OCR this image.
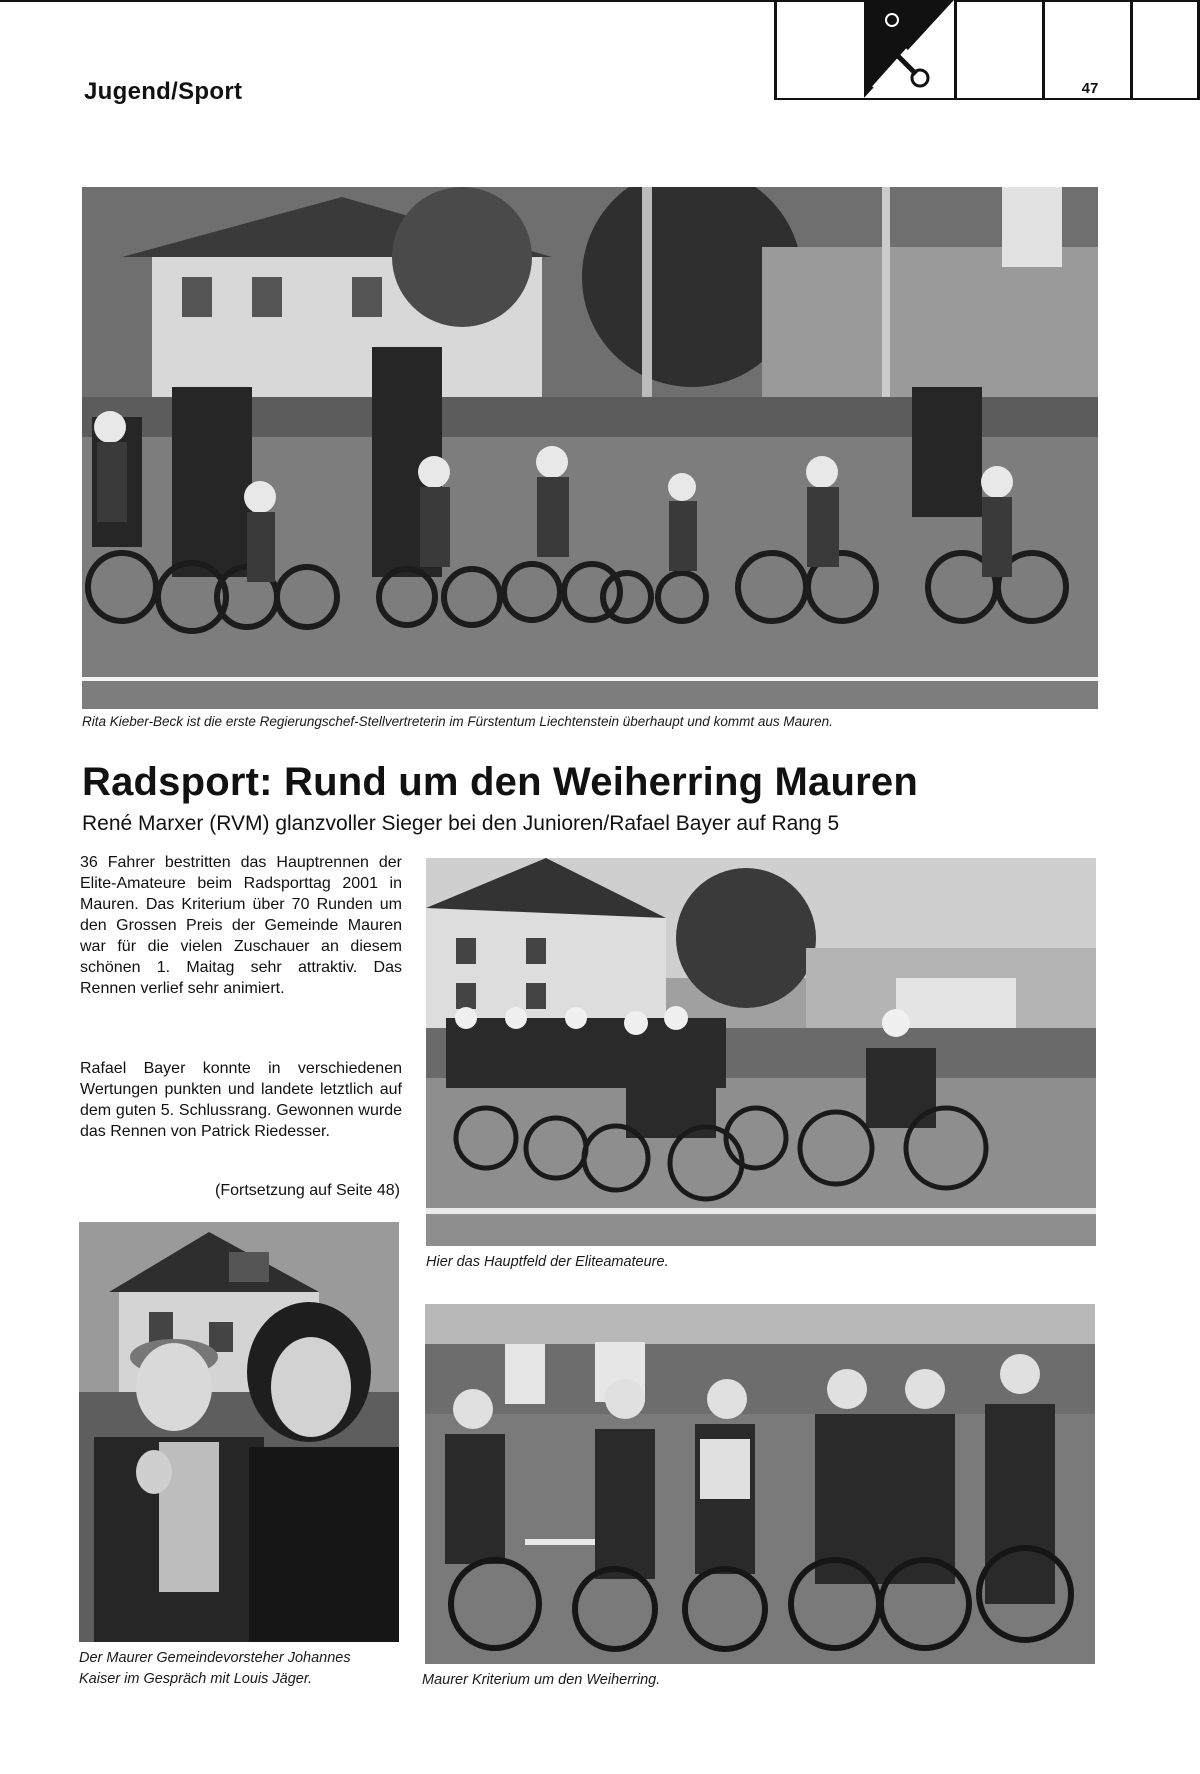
Jugend/Sport	47
Rita Kieber-Beck ist die erste Regierungschef-Stellvertreterin im Fürstentum Liechtenstein überhaupt und kommt aus Mauren.
Radsport: Rund um den Weiherring Mauren
René Marxer (RVM) glanzvoller Sieger bei den Junioren/Rafael Bayer auf Rang 5
36 Fahrer bestritten das Hauptrennen der Elite-Amateure beim Radsporttag 2001 in Mauren. Das Kriterium über 70 Runden um den Grossen Preis der Gemeinde Mauren war für die vielen Zuschauer an diesem schönen 1. Maitag sehr attraktiv. Das Rennen verlief sehr animiert.
Rafael Bayer konnte in verschiedenen Wertungen punkten und landete letztlich auf dem guten 5. Schlussrang. Gewonnen wurde das Rennen von Patrick Riedesser.
(Fortsetzung auf Seite 48)
Hier das Hauptfeld der Eliteamateure.
Der Maurer Gemeindevorsteher Johannes
Kaiser im Gespräch mit Louis Jäger.	Maurer Kriterium um den Weiherring.
